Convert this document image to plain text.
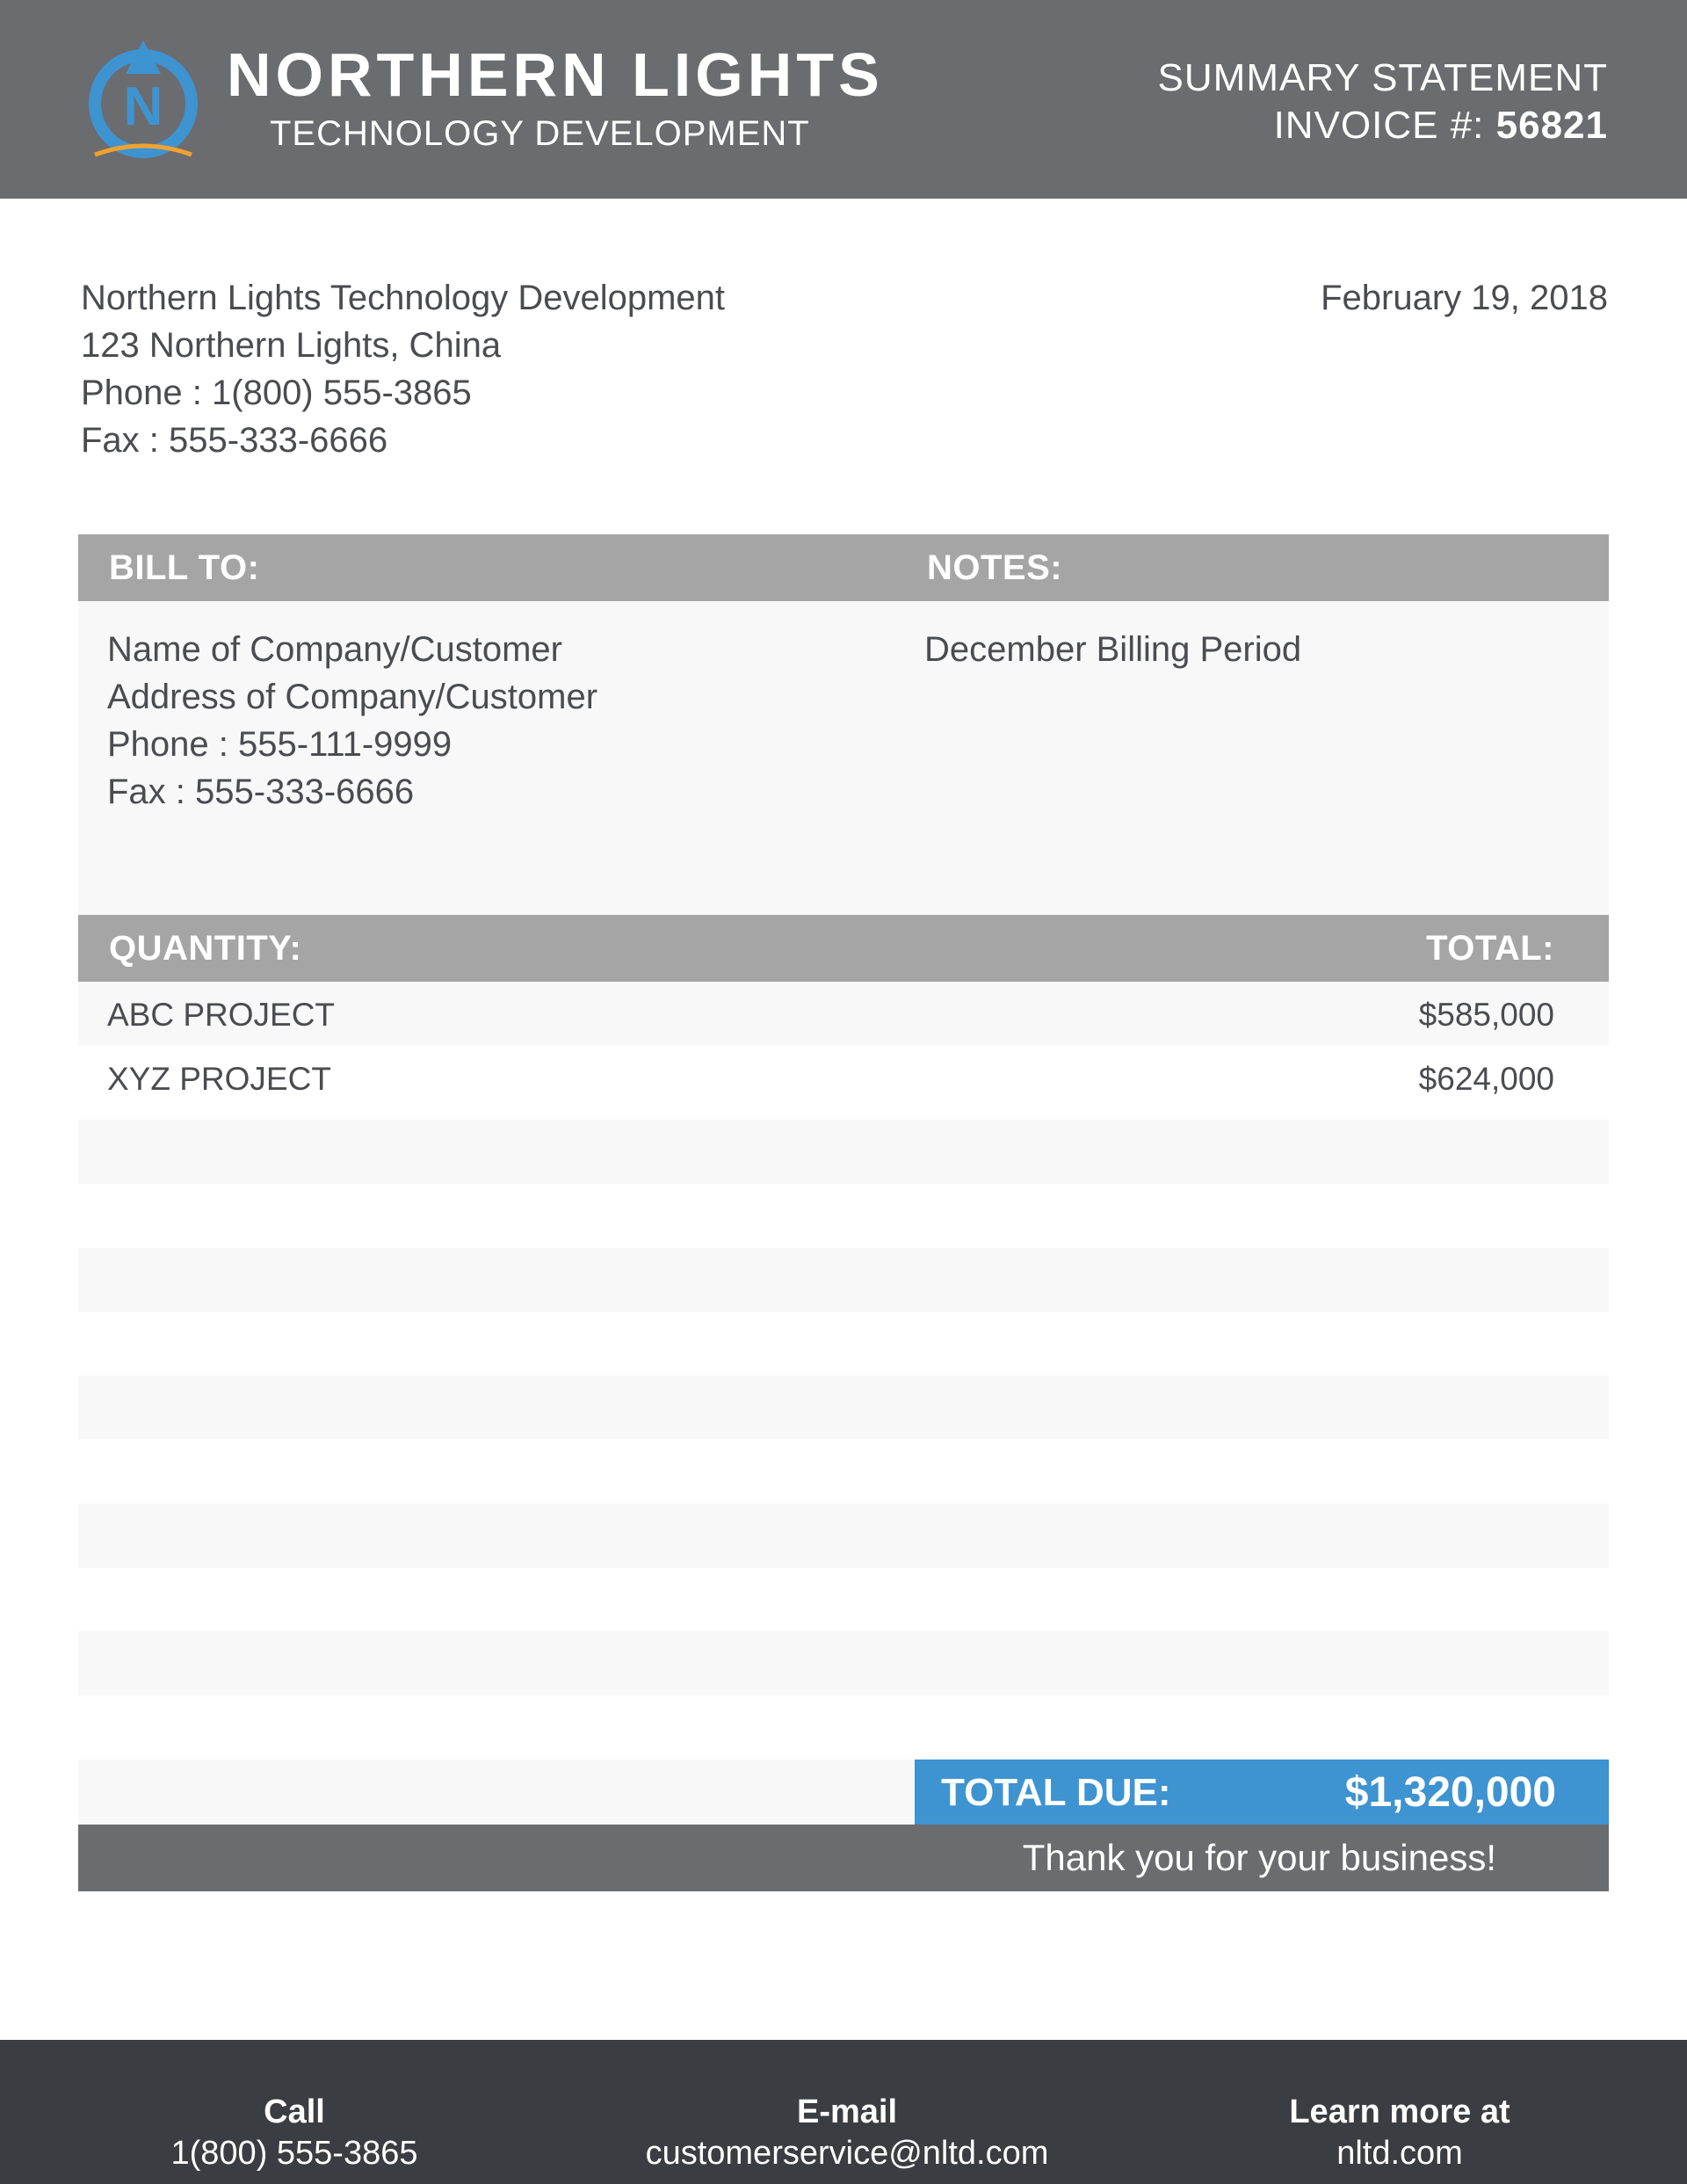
N NORTHERN LIGHTS
TECHNOLOGY DEVELOPMENT
SUMMARY STATEMENT
INVOICE #: 56821
Northern Lights Technology Development
123 Northern Lights, China
Phone : 1(800) 555-3865
Fax : 555-333-6666
February 19, 2018
BILL TO:	NOTES:
Name of Company/Customer
Address of Company/Customer
Phone : 555-111-9999
Fax : 555-333-6666
December Billing Period
QUANTITY:	TOTAL:
ABC PROJECT	$585,000
XYZ PROJECT	$624,000
TOTAL DUE:	$1,320,000
Thank you for your business!
Call
1(800) 555-3865
E-mail
customerservice@nltd.com
Learn more at
nltd.com
